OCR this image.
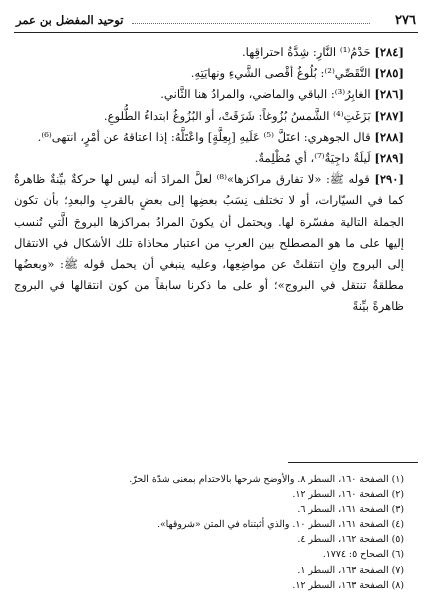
٢٧٦
توحيد المفضل بن عمر

[٢٨٤] حَدْمُ⁽¹⁾ النَّارِ: شِدَّةُ احتراقِها.

[٢٨٥] التَّقَصِّي⁽²⁾: بُلُوغُ أقْصى الشَّيءِ ونهايَتِهِ.

[٢٨٦] الغابِرُ⁽³⁾: الباقي والماضي، والمرادُ هنا الثَّاني.

[٢٨٧] بَزَغَتِ⁽⁴⁾ الشَّمسُ بُزُوغاً: شَرَقَتْ، أو البُزُوغُ ابتداءُ الطُّلوعِ.

[٢٨٨] قال الجوهري: اعتَلَّ ⁽⁵⁾ عَلَيهِ [بِعِلَّةٍ] واعْتَلَّهُ: إذا اعتاقهُ عن أمْرٍ، انتهى⁽⁶⁾.

[٢٨٩] لَيلَةٌ داجِيَةٌ⁽⁷⁾، أي مُظْلِمةٌ.

[٢٩٠] قوله ﷺ: «لا تفارق مراكزها»⁽⁸⁾ لعلَّ المرادَ أنه ليس لها حركةٌ بيِّنةٌ ظاهرةٌ كما في السيّارات، أو لا تختلف نِسَبُ بعضِها إلى بعضٍ بالقربِ والبعدِ؛ بأن تكون الجملة التالية مفسّرة لها. ويحتمل أن يكونَ المرادُ بمراكزها البروجَ الَّتي تُنسب إليها على ما هو المصطلح بين العربِ من اعتبار محاذاة تلك الأشكال في الانتقال إلى البروج وإنِ انتقلتْ عن مواضِعِها، وعليه ينبغي أن يحمل قوله ﷺ: «وبعضُها مطلقةٌ تنتقل في البروج»؛ أو على ما ذكرنا سابقاً من كون انتقالها في البروج ظاهرةً بيِّنةً

(١) الصفحة ١٦٠، السطر ٨. والأوضح شرحها بالاحتدام بمعنى شدّة الحرّ.
(٢) الصفحة ١٦٠، السطر ١٢.
(٣) الصفحة ١٦١، السطر ٦.
(٤) الصفحة ١٦١، السطر ١٠. والذي أثبتناه في المتن «شروقها».
(٥) الصفحة ١٦٢، السطر ٤.
(٦) الصحاح ٥: ١٧٧٤.
(٧) الصفحة ١٦٣، السطر ١.
(٨) الصفحة ١٦٣، السطر ١٢.
